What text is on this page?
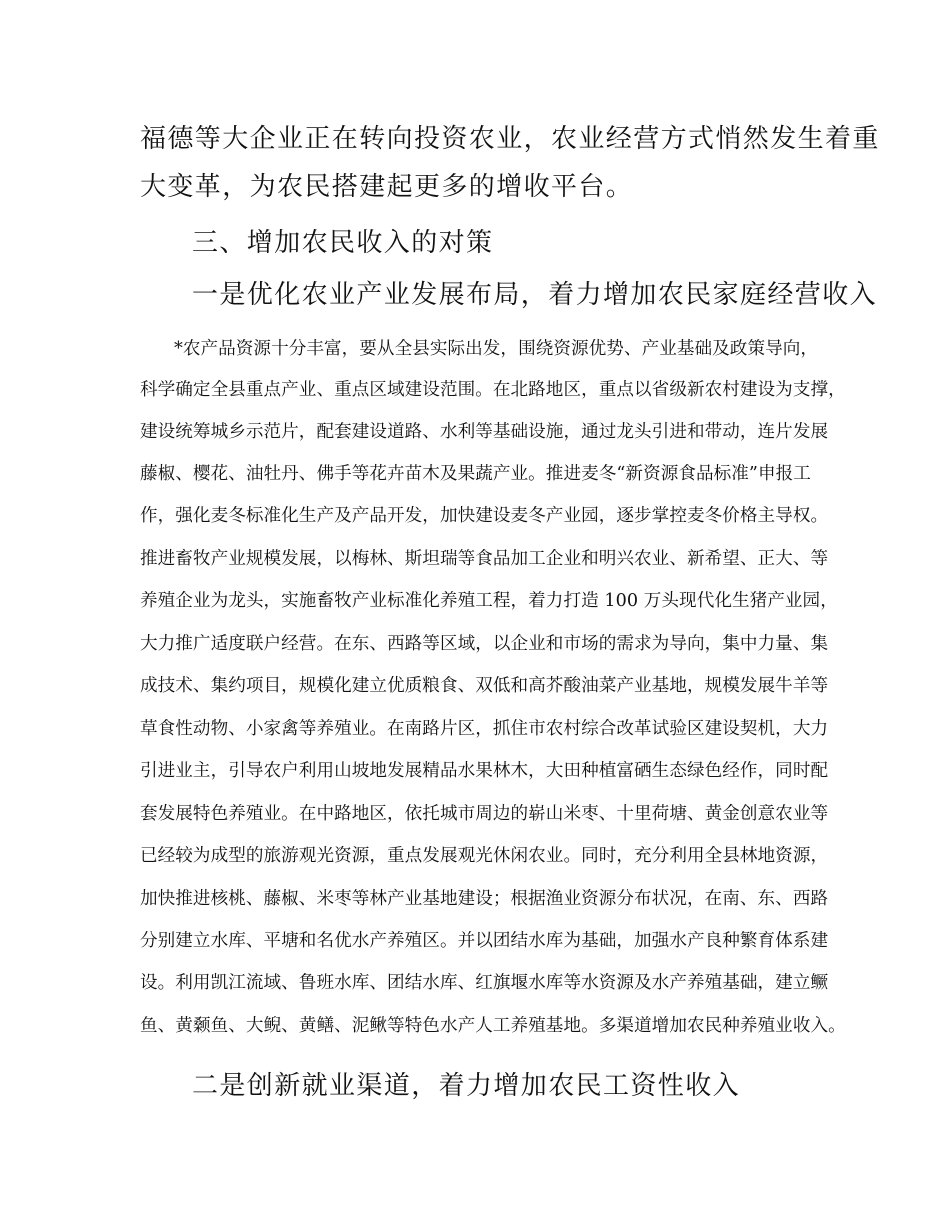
福德等大企业正在转向投资农业，农业经营方式悄然发生着重

大变革，为农民搭建起更多的增收平台。

三、增加农民收入的对策
一是优化农业产业发展布局，着力增加农民家庭经营收入

*农产品资源十分丰富，要从全县实际出发，围绕资源优势、产业基础及政策导向，

科学确定全县重点产业、重点区域建设范围。在北路地区，重点以省级新农村建设为支撑，

建设统筹城乡示范片，配套建设道路、水利等基础设施，通过龙头引进和带动，连片发展

藤椒、樱花、油牡丹、佛手等花卉苗木及果蔬产业。推进麦冬“新资源食品标准”申报工

作，强化麦冬标准化生产及产品开发，加快建设麦冬产业园，逐步掌控麦冬价格主导权。

推进畜牧产业规模发展，以梅林、斯坦瑞等食品加工企业和明兴农业、新希望、正大、等

养殖企业为龙头，实施畜牧产业标准化养殖工程，着力打造 100 万头现代化生猪产业园，

大力推广适度联户经营。在东、西路等区域，以企业和市场的需求为导向，集中力量、集

成技术、集约项目，规模化建立优质粮食、双低和高芥酸油菜产业基地，规模发展牛羊等

草食性动物、小家禽等养殖业。在南路片区，抓住市农村综合改革试验区建设契机，大力

引进业主，引导农户利用山坡地发展精品水果林木，大田种植富硒生态绿色经作，同时配

套发展特色养殖业。在中路地区，依托城市周边的崭山米枣、十里荷塘、黄金创意农业等

已经较为成型的旅游观光资源，重点发展观光休闲农业。同时，充分利用全县林地资源，

加快推进核桃、藤椒、米枣等林产业基地建设；根据渔业资源分布状况，在南、东、西路

分别建立水库、平塘和名优水产养殖区。并以团结水库为基础，加强水产良种繁育体系建

设。利用凯江流域、鲁班水库、团结水库、红旗堰水库等水资源及水产养殖基础，建立鳜

鱼、黄颡鱼、大鲵、黄鳝、泥鳅等特色水产人工养殖基地。多渠道增加农民种养殖业收入。

二是创新就业渠道，着力增加农民工资性收入
